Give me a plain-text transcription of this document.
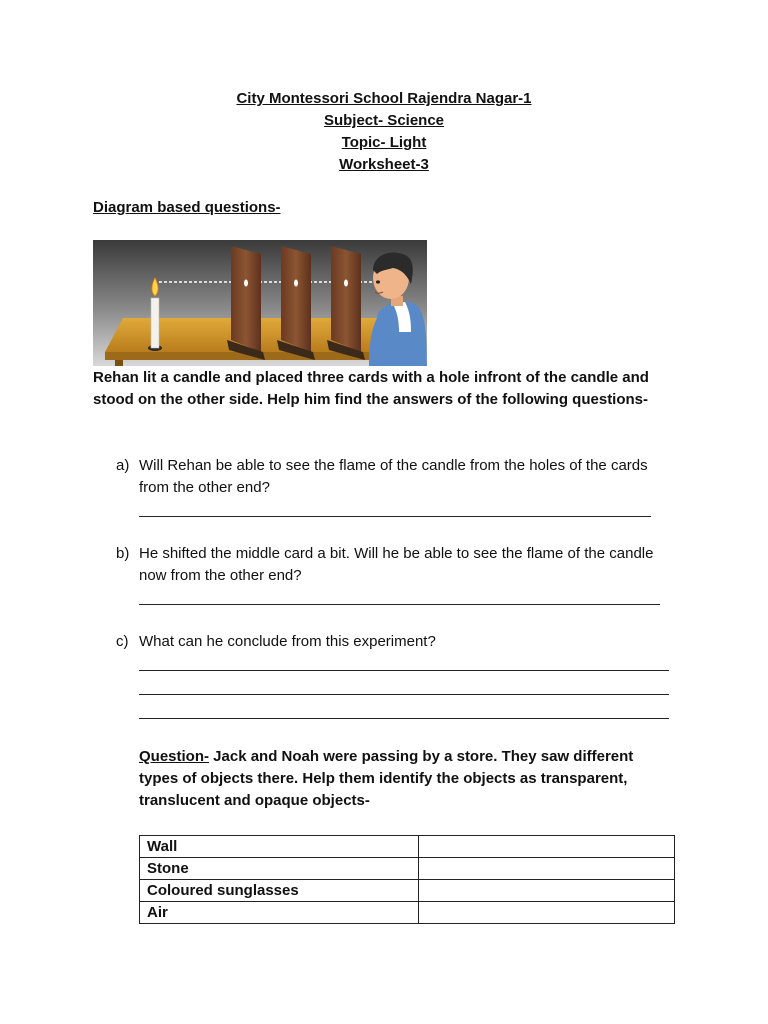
City Montessori School Rajendra Nagar-1
Subject- Science
Topic- Light
Worksheet-3
Diagram based questions-
Rehan lit a candle and placed three cards with a hole infront of the candle and stood on the other side. Help him find the answers of the following questions-
a) Will Rehan be able to see the flame of the candle from the holes of the cards from the other end?
b) He shifted the middle card a bit. Will he be able to see the flame of the candle now from the other end?
c) What can he conclude from this experiment?
Question- Jack and Noah were passing by a store. They saw different types of objects there. Help them identify the objects as transparent, translucent and opaque objects-
Wall	
Stone	
Coloured sunglasses	
Air	
